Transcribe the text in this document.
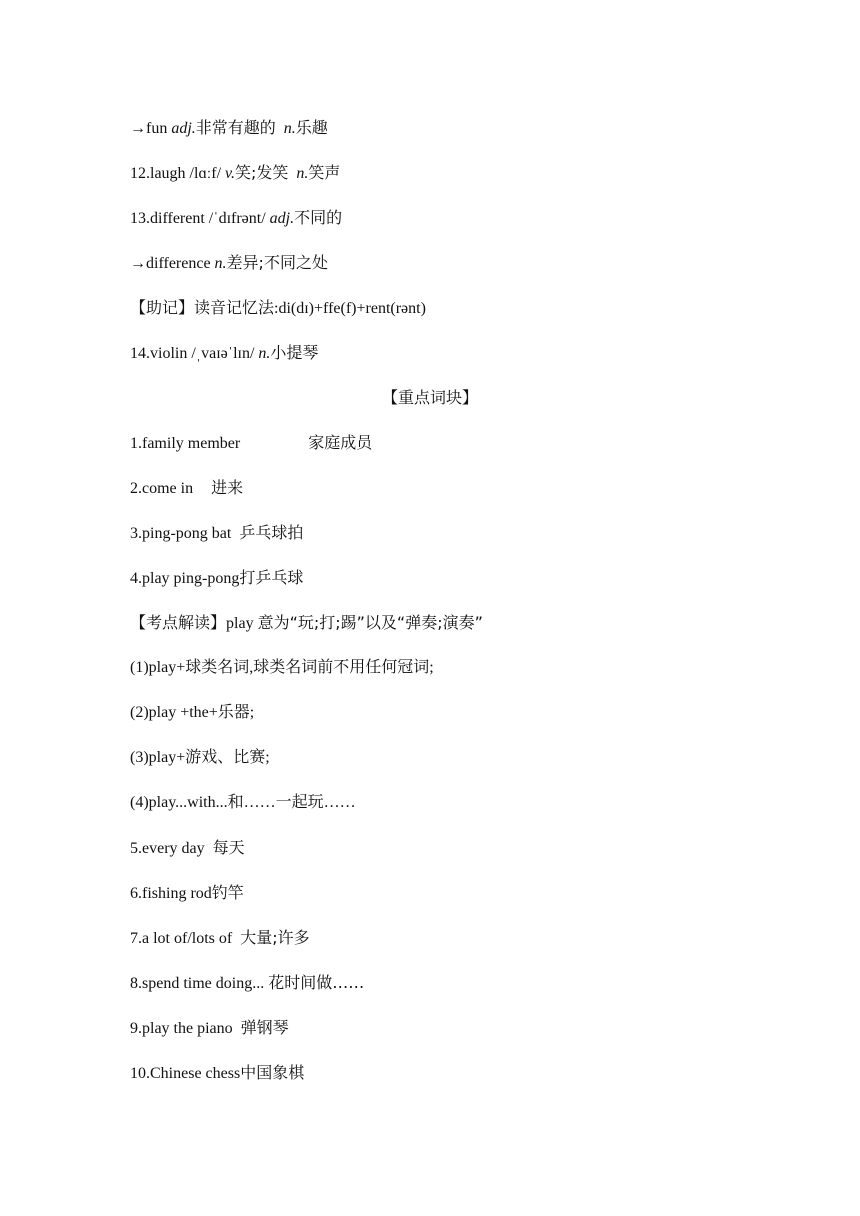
→fun adj.非常有趣的 n.乐趣
12.laugh /lɑːf/ v.笑;发笑 n.笑声
13.different /ˈdɪfrənt/ adj.不同的
→difference n.差异;不同之处
【助记】读音记忆法:di(dɪ)+ffe(f)+rent(rənt)
14.violin /ˌvaɪəˈlɪn/ n.小提琴
【重点词块】
1.family member	家庭成员
2.come in 进来
3.ping-pong bat 乒乓球拍
4.play ping-pong打乒乓球
【考点解读】play 意为“玩;打;踢”以及“弹奏;演奏”
(1)play+球类名词,球类名词前不用任何冠词;
(2)play +the+乐器;
(3)play+游戏、比赛;
(4)play...with...和……一起玩……
5.every day 每天
6.fishing rod钓竿
7.a lot of/lots of 大量;许多
8.spend time doing... 花时间做……
9.play the piano 弹钢琴
10.Chinese chess中国象棋
